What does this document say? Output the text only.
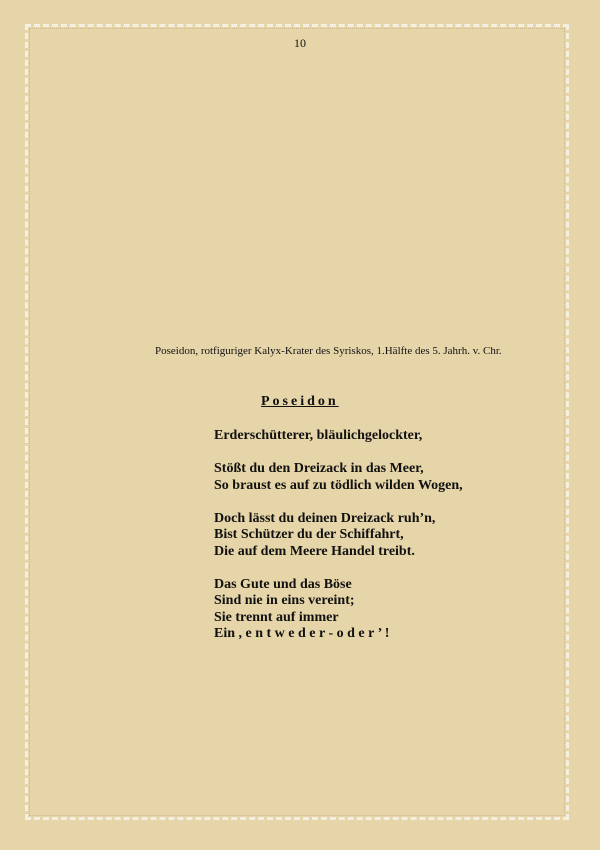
10
Poseidon, rotfiguriger Kalyx-Krater des Syriskos, 1.Hälfte des 5. Jahrh. v. Chr.
Poseidon
Erderschütterer, bläulichgelockter,
Stößt du den Dreizack in das Meer,
So braust es auf zu tödlich wilden Wogen,
Doch lässt du deinen Dreizack ruh’n,
Bist Schützer du der Schiffahrt,
Die auf dem Meere Handel treibt.
Das Gute und das Böse
Sind nie in eins vereint;
Sie trennt auf immer
Ein , e n t w e d e r - o d e r ’ !
